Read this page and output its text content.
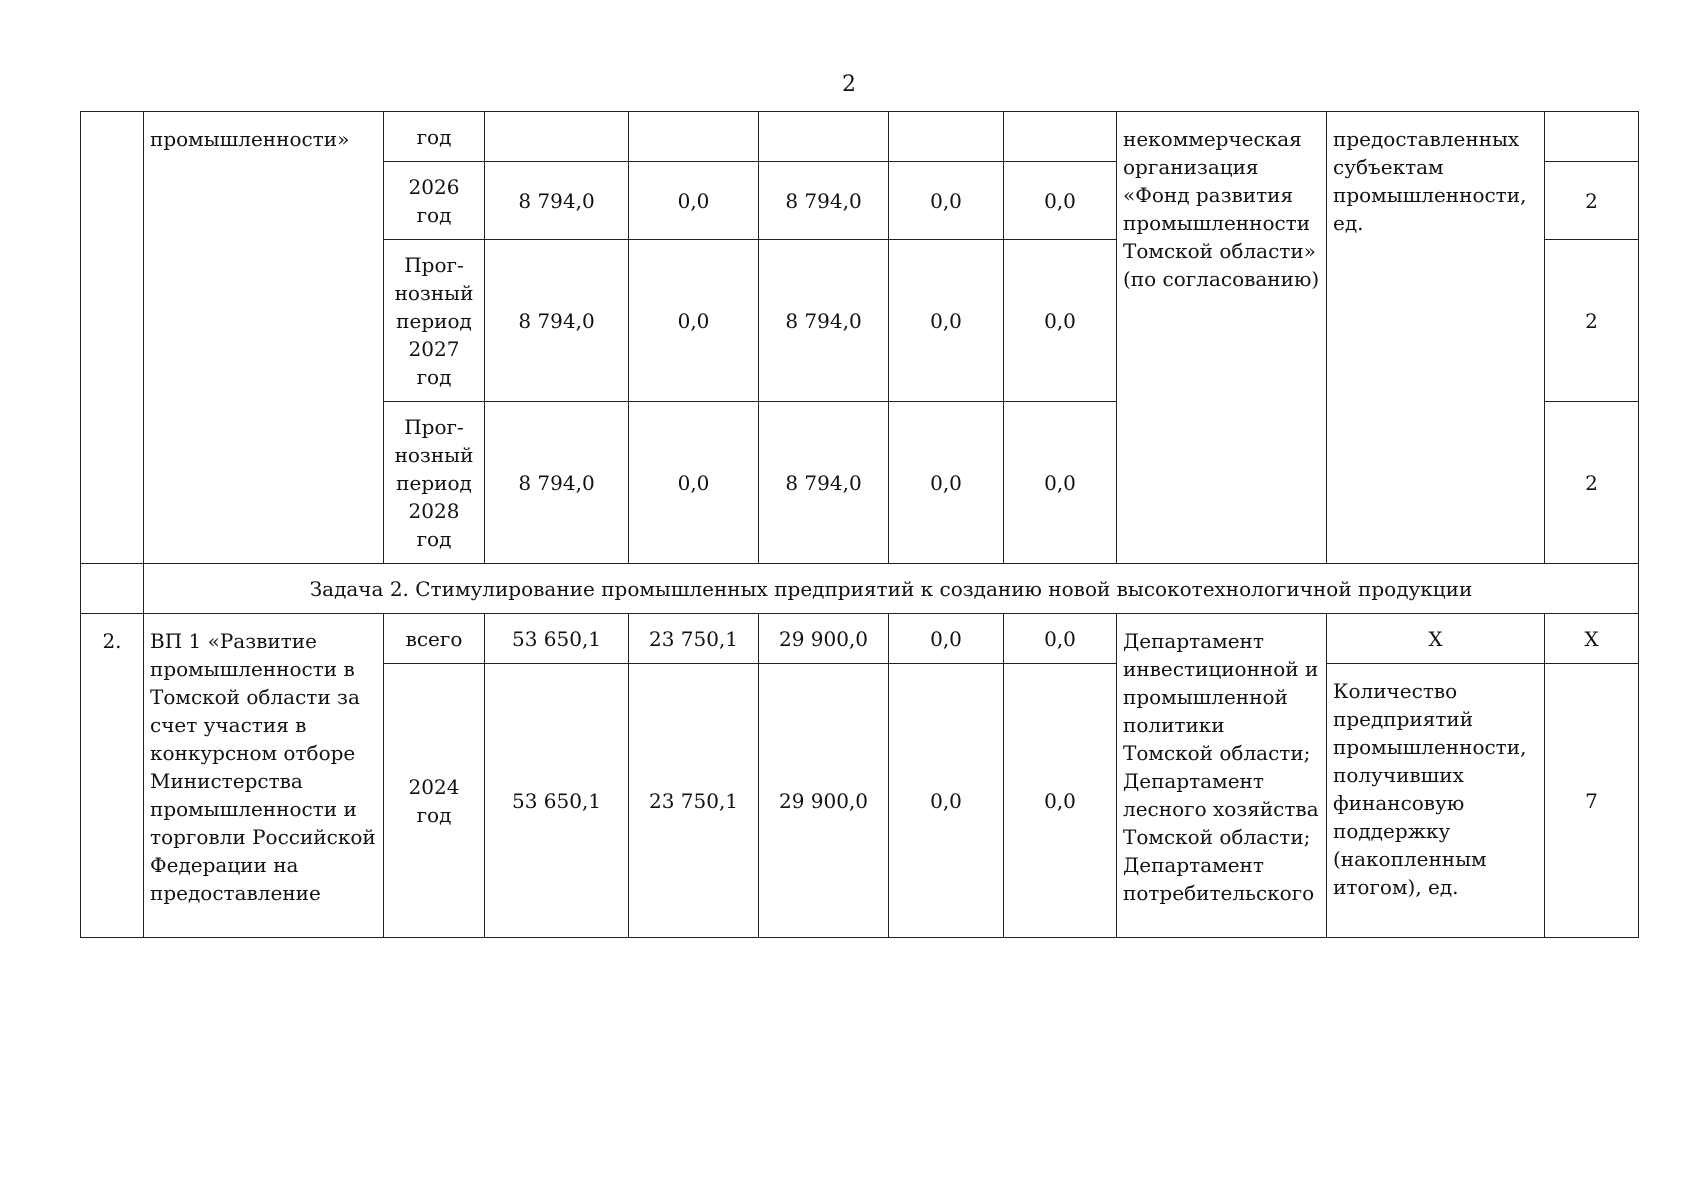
2
	промышленности»	год						некоммерческая организация «Фонд развития промышленности Томской области» (по согласованию)	предоставленных субъектам промышленности, ед.	
		2026 год	8 794,0	0,0	8 794,0	0,0	0,0			2
		Прог- нозный период 2027 год	8 794,0	0,0	8 794,0	0,0	0,0			2
		Прог- нозный период 2028 год	8 794,0	0,0	8 794,0	0,0	0,0			2
	Задача 2. Стимулирование промышленных предприятий к созданию новой высокотехнологичной продукции									
2.	ВП 1 «Развитие промышленности в Томской области за счет участия в конкурсном отборе Министерства промышленности и торговли Российской Федерации на предоставление	всего	53 650,1	23 750,1	29 900,0	0,0	0,0	Департамент инвестиционной и промышленной политики Томской области; Департамент лесного хозяйства Томской области; Департамент потребительского	Х	Х
		2024 год	53 650,1	23 750,1	29 900,0	0,0	0,0		Количество предприятий промышленности, получивших финансовую поддержку (накопленным итогом), ед.	7
